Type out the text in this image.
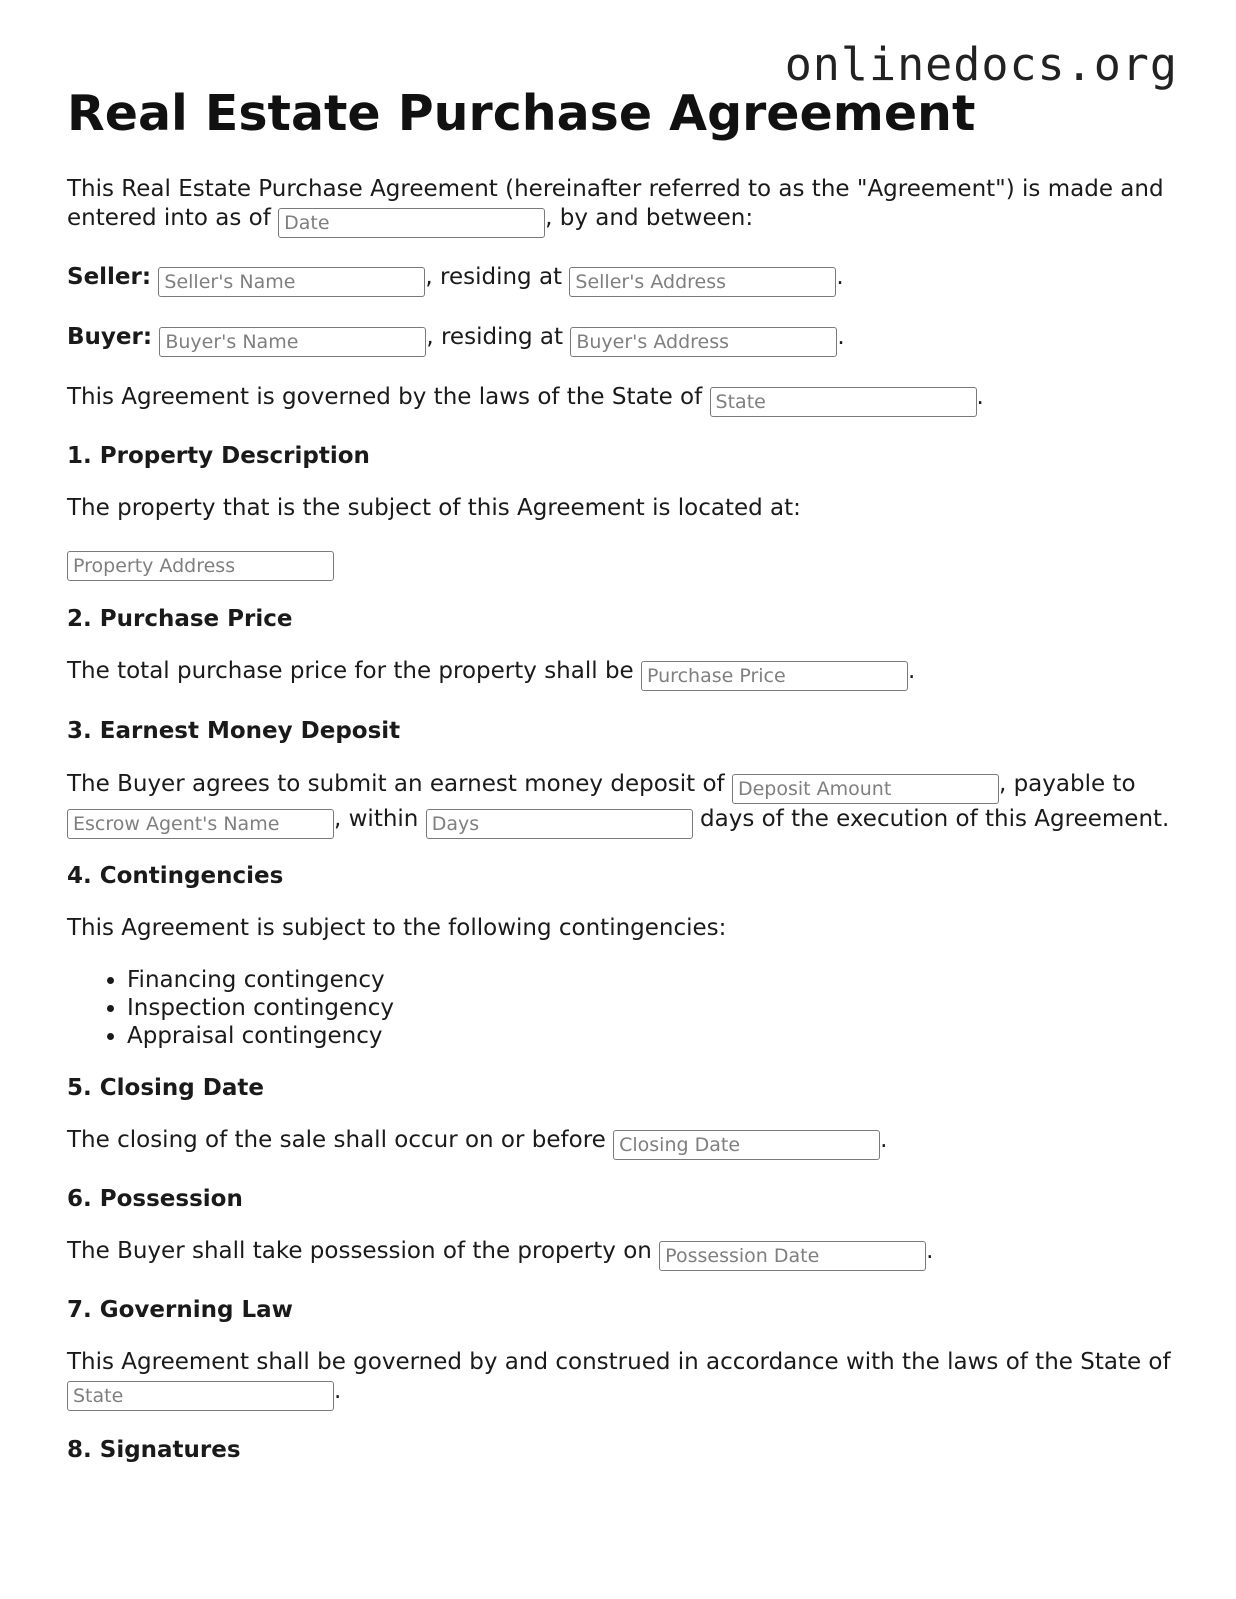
onlinedocs.org
Real Estate Purchase Agreement

This Real Estate Purchase Agreement (hereinafter referred to as the "Agreement") is made and entered into as of Date	, by and between:

Seller: Seller's Name	, residing at Seller's Address	.

Buyer: Buyer's Name	, residing at Buyer's Address	.

This Agreement is governed by the laws of the State of State	.

1. Property Description

The property that is the subject of this Agreement is located at:

Property Address

2. Purchase Price

The total purchase price for the property shall be Purchase Price	.

3. Earnest Money Deposit

The Buyer agrees to submit an earnest money deposit of Deposit Amount	, payable to Escrow Agent's Name, within Days	days of the execution of this Agreement.

4. Contingencies

This Agreement is subject to the following contingencies:

• Financing contingency
• Inspection contingency
• Appraisal contingency
5. Closing Date

The closing of the sale shall occur on or before Closing Date	.

6. Possession

The Buyer shall take possession of the property on Possession Date	.

7. Governing Law

This Agreement shall be governed by and construed in accordance with the laws of the State of State.

8. Signatures
